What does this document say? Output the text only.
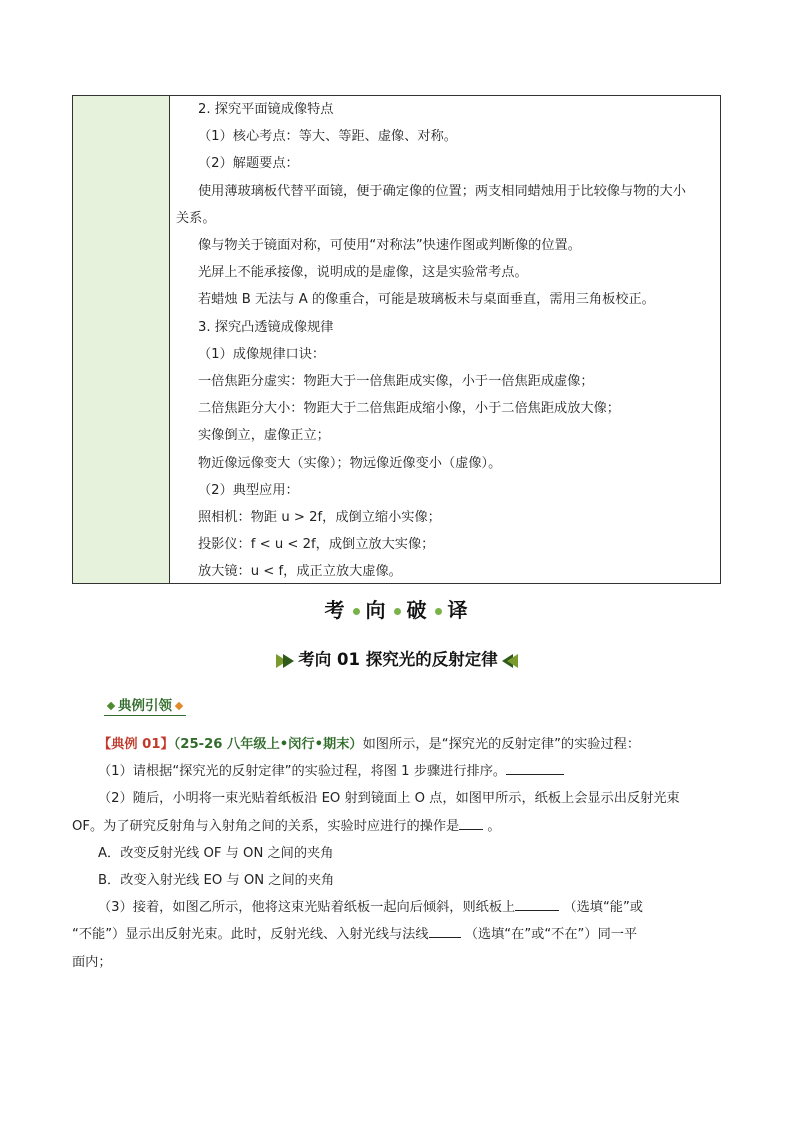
2. 探究平面镜成像特点
（1）核心考点：等大、等距、虚像、对称。
（2）解题要点：
使用薄玻璃板代替平面镜，便于确定像的位置；两支相同蜡烛用于比较像与物的大小
关系。
像与物关于镜面对称，可使用“对称法”快速作图或判断像的位置。
光屏上不能承接像，说明成的是虚像，这是实验常考点。
若蜡烛 B 无法与 A 的像重合，可能是玻璃板未与桌面垂直，需用三角板校正。
3. 探究凸透镜成像规律
（1）成像规律口诀：
一倍焦距分虚实：物距大于一倍焦距成实像，小于一倍焦距成虚像；
二倍焦距分大小：物距大于二倍焦距成缩小像，小于二倍焦距成放大像；
实像倒立，虚像正立；
物近像远像变大（实像）；物远像近像变小（虚像）。
（2）典型应用：
照相机：物距 u > 2f，成倒立缩小实像；
投影仪：f < u < 2f，成倒立放大实像；
放大镜：u < f，成正立放大虚像。
考 向 破 译
考向 01 探究光的反射定律
典例引领
【典例 01】（25-26 八年级上•闵行•期末）如图所示，是“探究光的反射定律”的实验过程：
（1）请根据“探究光的反射定律”的实验过程，将图 1 步骤进行排序。
（2）随后，小明将一束光贴着纸板沿 EO 射到镜面上 O 点，如图甲所示，纸板上会显示出反射光束
OF。为了研究反射角与入射角之间的关系，实验时应进行的操作是 。
A．改变反射光线 OF 与 ON 之间的夹角
B．改变入射光线 EO 与 ON 之间的夹角
（3）接着，如图乙所示，他将这束光贴着纸板一起向后倾斜，则纸板上	（选填“能”或
“不能”）显示出反射光束。此时，反射光线、入射光线与法线 （选填“在”或“不在”）同一平
面内；
